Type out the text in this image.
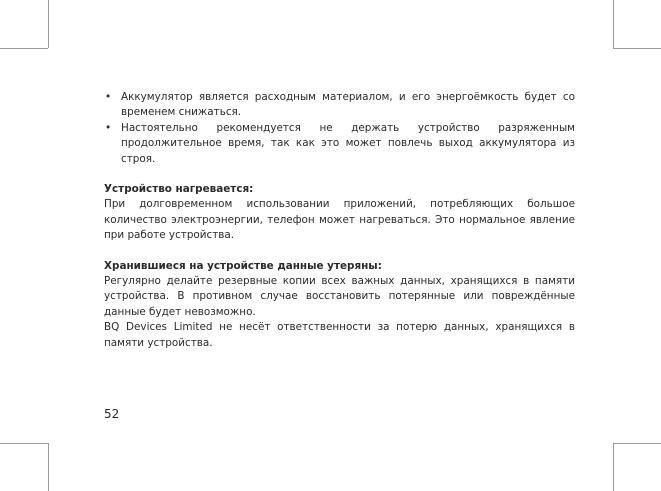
• Аккумулятор является расходным материалом, и его энергоёмкость будет со временем снижаться.
• Настоятельно рекомендуется не держать устройство разряженным продолжительное время, так как это может повлечь выход аккумулятора из строя.

Устройство нагревается:

При долговременном использовании приложений, потребляющих большое количество электроэнергии, телефон может нагреваться. Это нормальное явление при работе устройства.

Хранившиеся на устройстве данные утеряны:

Регулярно делайте резервные копии всех важных данных, хранящихся в памяти устройства. В противном случае восстановить потерянные или повреждённые данные будет невозможно.

BQ Devices Limited не несёт ответственности за потерю данных, хранящихся в памяти устройства.

52
